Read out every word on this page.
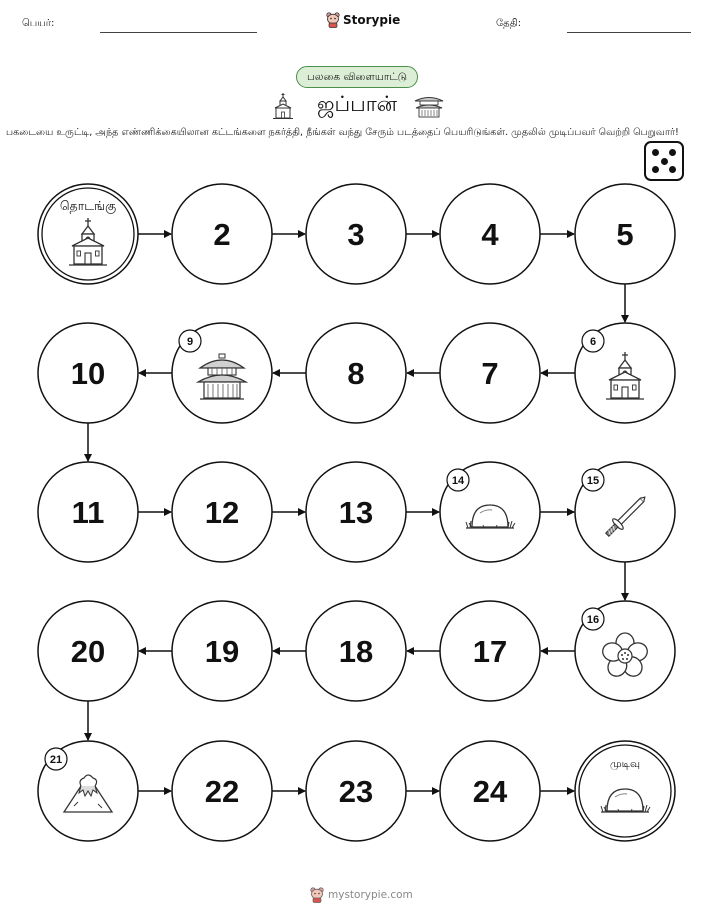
பெயர்:	Storypie	தேதி:
பலகை விளையாட்டு
ஜப்பான்
பகடையை உருட்டி, அந்த எண்ணிக்கையிலான கட்டங்களை நகர்த்தி, நீங்கள் வந்து சேரும் படத்தைப் பெயரிடுங்கள். முதலில் முடிப்பவர் வெற்றி பெறுவார்!
தொடங்கு
2	3	4	5
6
7
8
9
10
11	12	13
14	15
16
17
18
19
20
21
22	23	24
முடிவு
mystorypie.com
